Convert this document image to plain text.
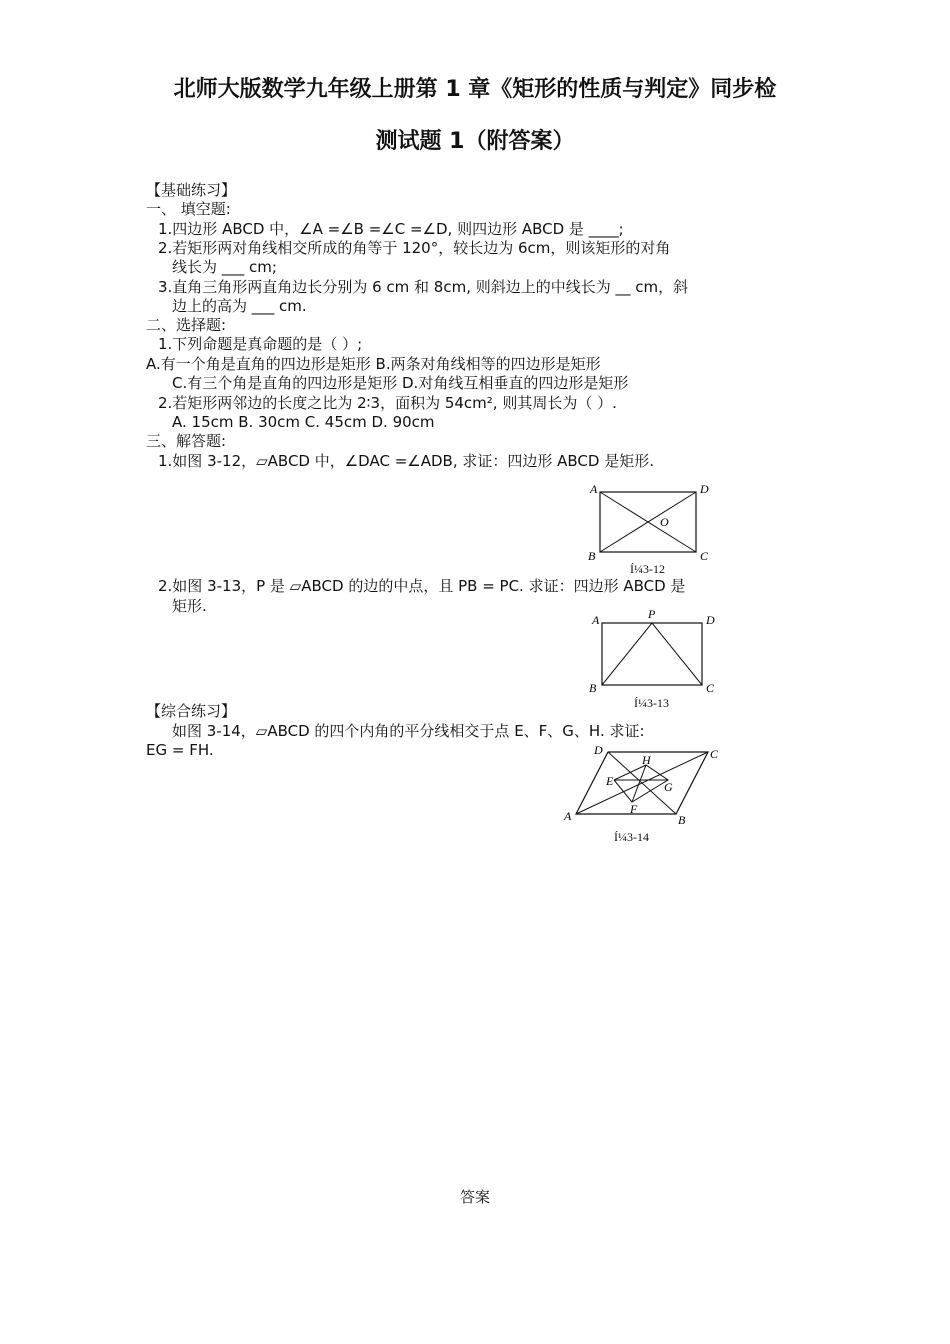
北师大版数学九年级上册第 1 章《矩形的性质与判定》同步检
测试题 1（附答案）
【基础练习】
一、 填空题:
1.四边形 ABCD 中，∠A =∠B =∠C =∠D, 则四边形 ABCD 是 ____;
2.若矩形两对角线相交所成的角等于 120°，较长边为 6cm，则该矩形的对角
线长为 ___ cm;
3.直角三角形两直角边长分别为 6 cm 和 8cm, 则斜边上的中线长为 __ cm，斜
边上的高为 ___ cm.
二、选择题:
1.下列命题是真命题的是（ ）;
A.有一个角是直角的四边形是矩形 B.两条对角线相等的四边形是矩形
C.有三个角是直角的四边形是矩形 D.对角线互相垂直的四边形是矩形
2.若矩形两邻边的长度之比为 2∶3，面积为 54cm², 则其周长为（ ）.
A. 15cm B. 30cm C. 45cm D. 90cm
三、解答题:
1.如图 3-12，▱ABCD 中，∠DAC =∠ADB, 求证：四边形 ABCD 是矩形.
A	D
B	C
O
Í¼3-12
2.如图 3-13，P 是 ▱ABCD 的边的中点，且 PB = PC. 求证：四边形 ABCD 是
矩形.
A	P	D
B	C
Í¼3-13
【综合练习】
如图 3-14，▱ABCD 的四个内角的平分线相交于点 E、F、G、H. 求证:
EG = FH.
A	B
C
D
E
F
G
H
Í¼3-14
答案
